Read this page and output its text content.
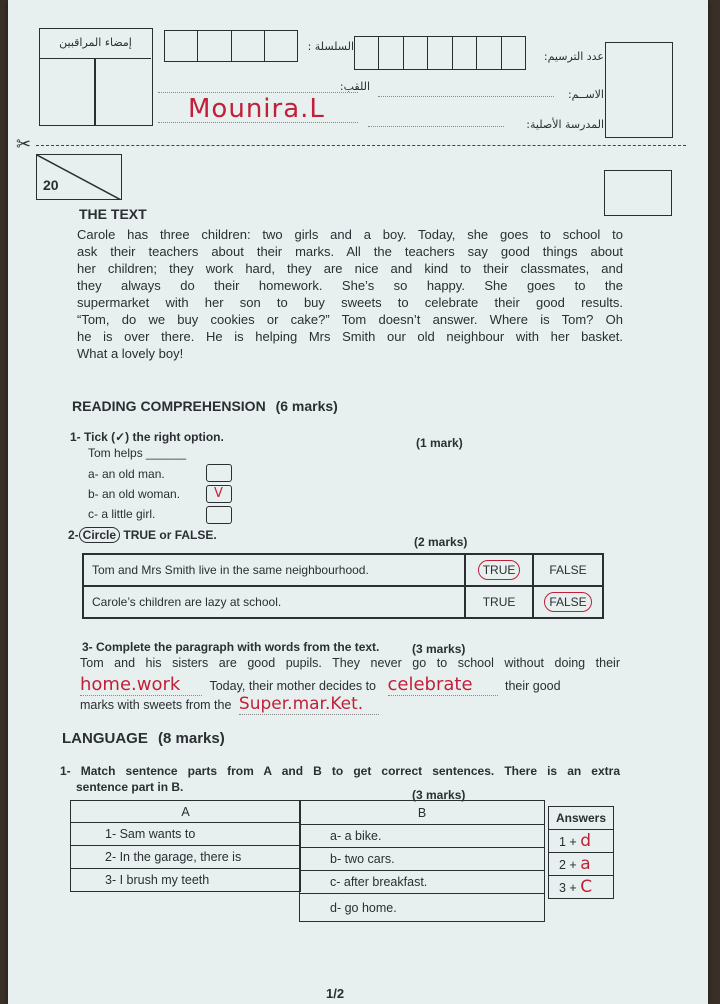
إمضاء المراقبين	السلسلة :
عدد الترسيم:
اللقب:
الاســم:
Mounira.L
المدرسة الأصلية:
✂
20
THE TEXT
Carole has three children: two girls and a boy. Today, she goes to school to
ask their teachers about their marks. All the teachers say good things about
her children; they work hard, they are nice and kind to their classmates, and
they always do their homework. She’s so happy. She goes to the
supermarket with her son to buy sweets to celebrate their good results.
“Tom, do we buy cookies or cake?” Tom doesn’t answer. Where is Tom? Oh
he is over there. He is helping Mrs Smith our old neighbour with her basket.
What a lovely boy!
READING COMPREHENSION (6 marks)
1- Tick (✓) the right option.	(1 mark)
Tom helps ______
a- an old man.
b- an old woman.	V
c- a little girl.
2- Circle TRUE or FALSE.	(2 marks)
Tom and Mrs Smith live in the same neighbourhood.	TRUE	FALSE
Carole’s children are lazy at school.	TRUE	FALSE
3- Complete the paragraph with words from the text.	(3 marks)
Tom and his sisters are good pupils. They never go to school without doing their
home.work Today, their mother decides to celebrate	their good
marks with sweets from the Super.mar.Ket.
LANGUAGE (8 marks)
1- Match sentence parts from A and B to get correct sentences. There is an extra
sentence part in B.
(3 marks)
A
1- Sam wants to
2- In the garage, there is
3- I brush my teeth
B
a- a bike.
b- two cars.
c- after breakfast.
d- go home.
Answers
1 + d
2 + a
3 + C
1/2
